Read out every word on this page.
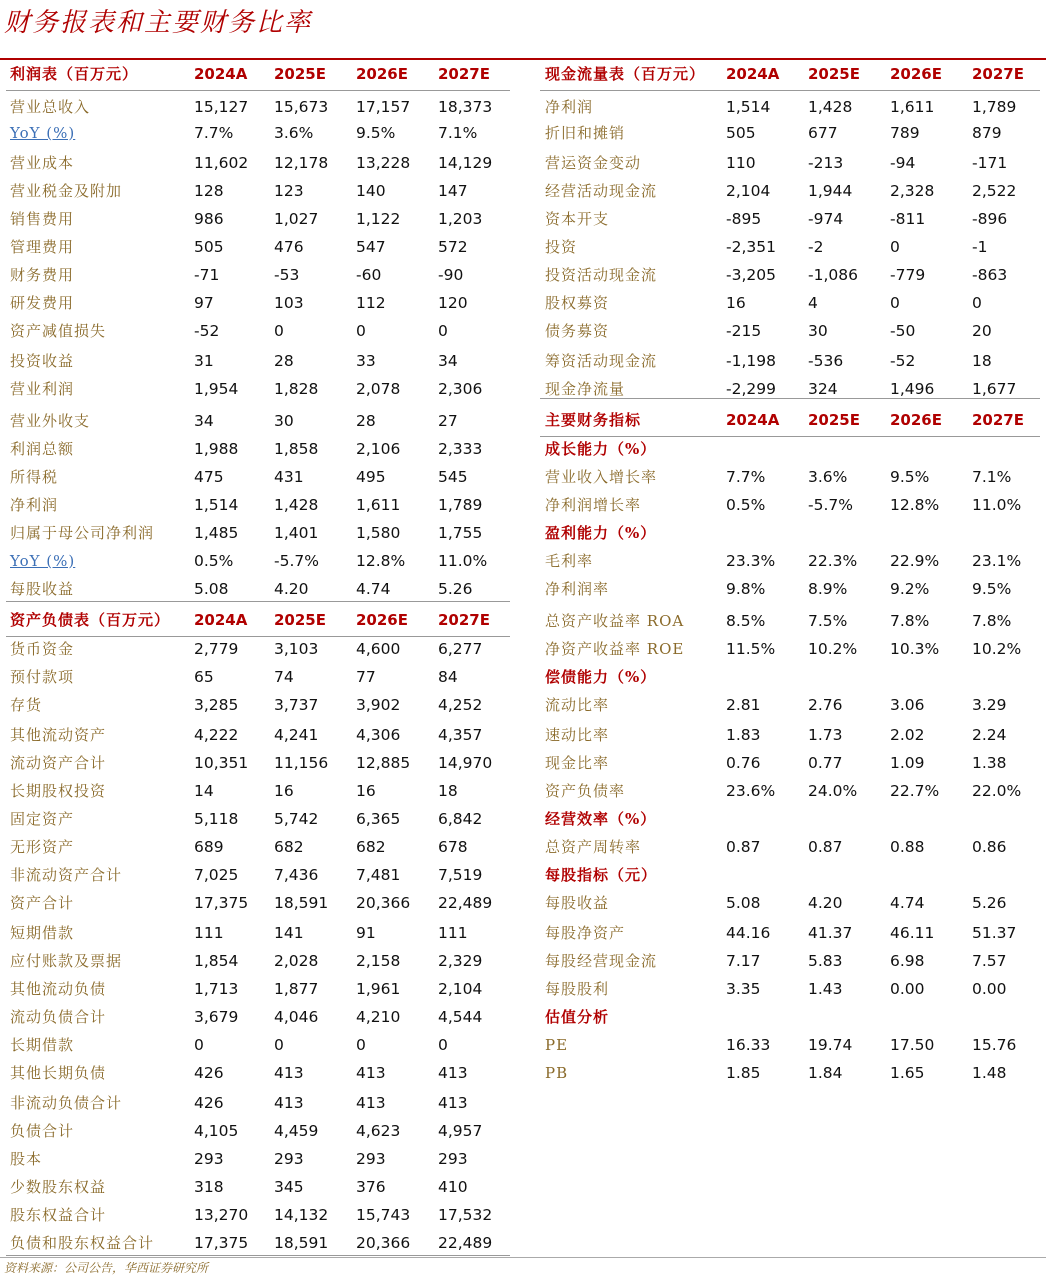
财务报表和主要财务比率
利润表（百万元）	2024A 2025E 2026E 2027E
营业总收入	15,127 15,673 17,157 18,373
YoY (%)	7.7%	3.6%	9.5%	7.1%
营业成本	11,602 12,178 13,228 14,129
营业税金及附加	128	123	140	147
销售费用	986	1,027 1,122 1,203
管理费用	505	476	547	572
财务费用	-71	-53	-60	-90
研发费用	97	103	112	120
资产减值损失	-52	0	0	0
投资收益	31	28	33	34
营业利润	1,954 1,828 2,078 2,306
营业外收支	34	30	28	27
利润总额	1,988 1,858 2,106 2,333
所得税	475	431	495	545
净利润	1,514 1,428 1,611 1,789
归属于母公司净利润	1,485 1,401 1,580 1,755
YoY (%)	0.5%	-5.7% 12.8% 11.0%
每股收益	5.08	4.20	4.74	5.26
资产负债表（百万元） 2024A 2025E 2026E 2027E
货币资金	2,779 3,103 4,600 6,277
预付款项	65	74	77	84
存货	3,285 3,737 3,902 4,252
其他流动资产	4,222 4,241 4,306 4,357
流动资产合计	10,351 11,156 12,885 14,970
长期股权投资	14	16	16	18
固定资产	5,118 5,742 6,365 6,842
无形资产	689	682	682	678
非流动资产合计	7,025 7,436 7,481 7,519
资产合计	17,375 18,591 20,366 22,489
短期借款	111	141	91	111
应付账款及票据	1,854 2,028 2,158 2,329
其他流动负债	1,713 1,877 1,961 2,104
流动负债合计	3,679 4,046 4,210 4,544
长期借款	0	0	0	0
其他长期负债	426	413	413	413
非流动负债合计	426	413	413	413
负债合计	4,105 4,459 4,623 4,957
股本	293	293	293	293
少数股东权益	318	345	376	410
股东权益合计	13,270 14,132 15,743 17,532
负债和股东权益合计	17,375 18,591 20,366 22,489
现金流量表（百万元） 2024A 2025E 2026E 2027E
净利润	1,514 1,428 1,611 1,789
折旧和摊销	505	677	789	879
营运资金变动	110	-213	-94	-171
经营活动现金流	2,104 1,944 2,328 2,522
资本开支	-895	-974	-811	-896
投资	-2,351 -2	0	-1
投资活动现金流	-3,205 -1,086 -779	-863
股权募资	16	4	0	0
债务募资	-215	30	-50	20
筹资活动现金流	-1,198 -536	-52	18
现金净流量	-2,299 324	1,496 1,677
主要财务指标	2024A 2025E 2026E 2027E
成长能力（%）
营业收入增长率	7.7%	3.6%	9.5%	7.1%
净利润增长率	0.5%	-5.7% 12.8% 11.0%
盈利能力（%）
毛利率	23.3% 22.3% 22.9% 23.1%
净利润率	9.8%	8.9%	9.2%	9.5%
总资产收益率 ROA	8.5%	7.5%	7.8%	7.8%
净资产收益率 ROE	11.5% 10.2% 10.3% 10.2%
偿债能力（%）
流动比率	2.81	2.76	3.06	3.29
速动比率	1.83	1.73	2.02	2.24
现金比率	0.76	0.77	1.09	1.38
资产负债率	23.6% 24.0% 22.7% 22.0%
经营效率（%）
总资产周转率	0.87	0.87	0.88	0.86
每股指标（元）
每股收益	5.08	4.20	4.74	5.26
每股净资产	44.16 41.37 46.11 51.37
每股经营现金流	7.17	5.83	6.98	7.57
每股股利	3.35	1.43	0.00	0.00
估值分析
PE	16.33 19.74 17.50 15.76
PB	1.85	1.84	1.65	1.48
资料来源：公司公告，华西证券研究所
